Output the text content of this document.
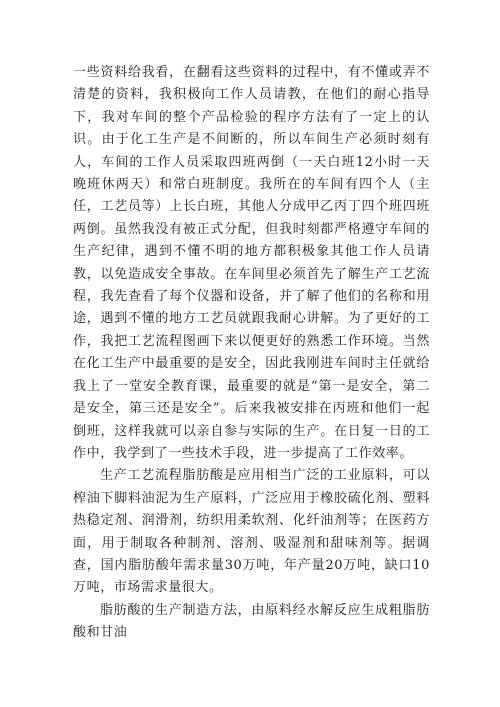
一些资料给我看，在翻看这些资料的过程中，有不懂或弄不清楚的资料，我积极向工作人员请教，在他们的耐心指导下，我对车间的整个产品检验的程序方法有了一定上的认识。由于化工生产是不间断的，所以车间生产必须时刻有人，车间的工作人员采取四班两倒（一天白班12小时一天晚班休两天）和常白班制度。我所在的车间有四个人（主任，工艺员等）上长白班，其他人分成甲乙丙丁四个班四班两倒。虽然我没有被正式分配，但我时刻都严格遵守车间的生产纪律，遇到不懂不明的地方都积极象其他工作人员请教，以免造成安全事故。在车间里必须首先了解生产工艺流程，我先查看了每个仪器和设备，并了解了他们的名称和用途，遇到不懂的地方工艺员就跟我耐心讲解。为了更好的工作，我把工艺流程图画下来以便更好的熟悉工作环境。当然在化工生产中最重要的是安全，因此我刚进车间时主任就给我上了一堂安全教育课，最重要的就是“第一是安全，第二是安全，第三还是安全”。后来我被安排在丙班和他们一起倒班，这样我就可以亲自参与实际的生产。在日复一日的工作中，我学到了一些技术手段，进一步提高了工作效率。

生产工艺流程脂肪酸是应用相当广泛的工业原料，可以榨油下脚料油泥为生产原料，广泛应用于橡胶硫化剂、塑料热稳定剂、润滑剂，纺织用柔软剂、化纤油剂等；在医药方面，用于制取各种制剂、溶剂、吸湿剂和甜味剂等。据调查，国内脂肪酸年需求量30万吨，年产量20万吨，缺口10万吨，市场需求量很大。

脂肪酸的生产制造方法，由原料经水解反应生成粗脂肪酸和甘油
